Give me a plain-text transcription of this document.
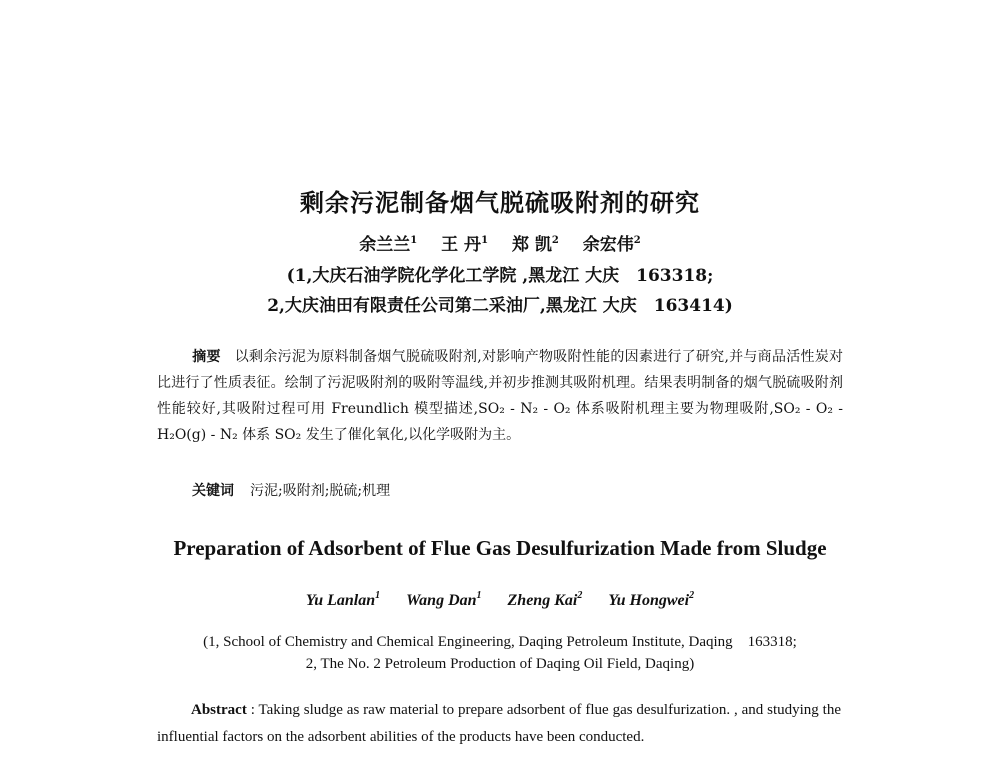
剩余污泥制备烟气脱硫吸附剂的研究
余兰兰$^1$ 王 丹$^1$ 郑 凯$^2$ 余宏伟$^2$
(1,大庆石油学院化学化工学院 ,黑龙江 大庆　163318;
2,大庆油田有限责任公司第二采油厂,黑龙江 大庆　163414)
摘要 以剩余污泥为原料制备烟气脱硫吸附剂,对影响产物吸附性能的因素进行了研究,并与商品活性炭对比进行了性质表征。绘制了污泥吸附剂的吸附等温线,并初步推测其吸附机理。结果表明制备的烟气脱硫吸附剂性能较好,其吸附过程可用 Freundlich 模型描述,SO₂ - N₂ - O₂ 体系吸附机理主要为物理吸附,SO₂ - O₂ - H₂O(g) - N₂ 体系 SO₂ 发生了催化氧化,以化学吸附为主。
关键词 污泥;吸附剂;脱硫;机理
Preparation of Adsorbent of Flue Gas Desulfurization Made from Sludge
Yu Lanlan$^1$ Wang Dan$^1$ Zheng Kai$^2$ Yu Hongwei$^2$
(1, School of Chemistry and Chemical Engineering, Daqing Petroleum Institute, Daqing　163318;
2, The No. 2 Petroleum Production of Daqing Oil Field, Daqing)
Abstract : Taking sludge as raw material to prepare adsorbent of flue gas desulfurization. , and studying the influential factors on the adsorbent abilities of the products have been conducted.
